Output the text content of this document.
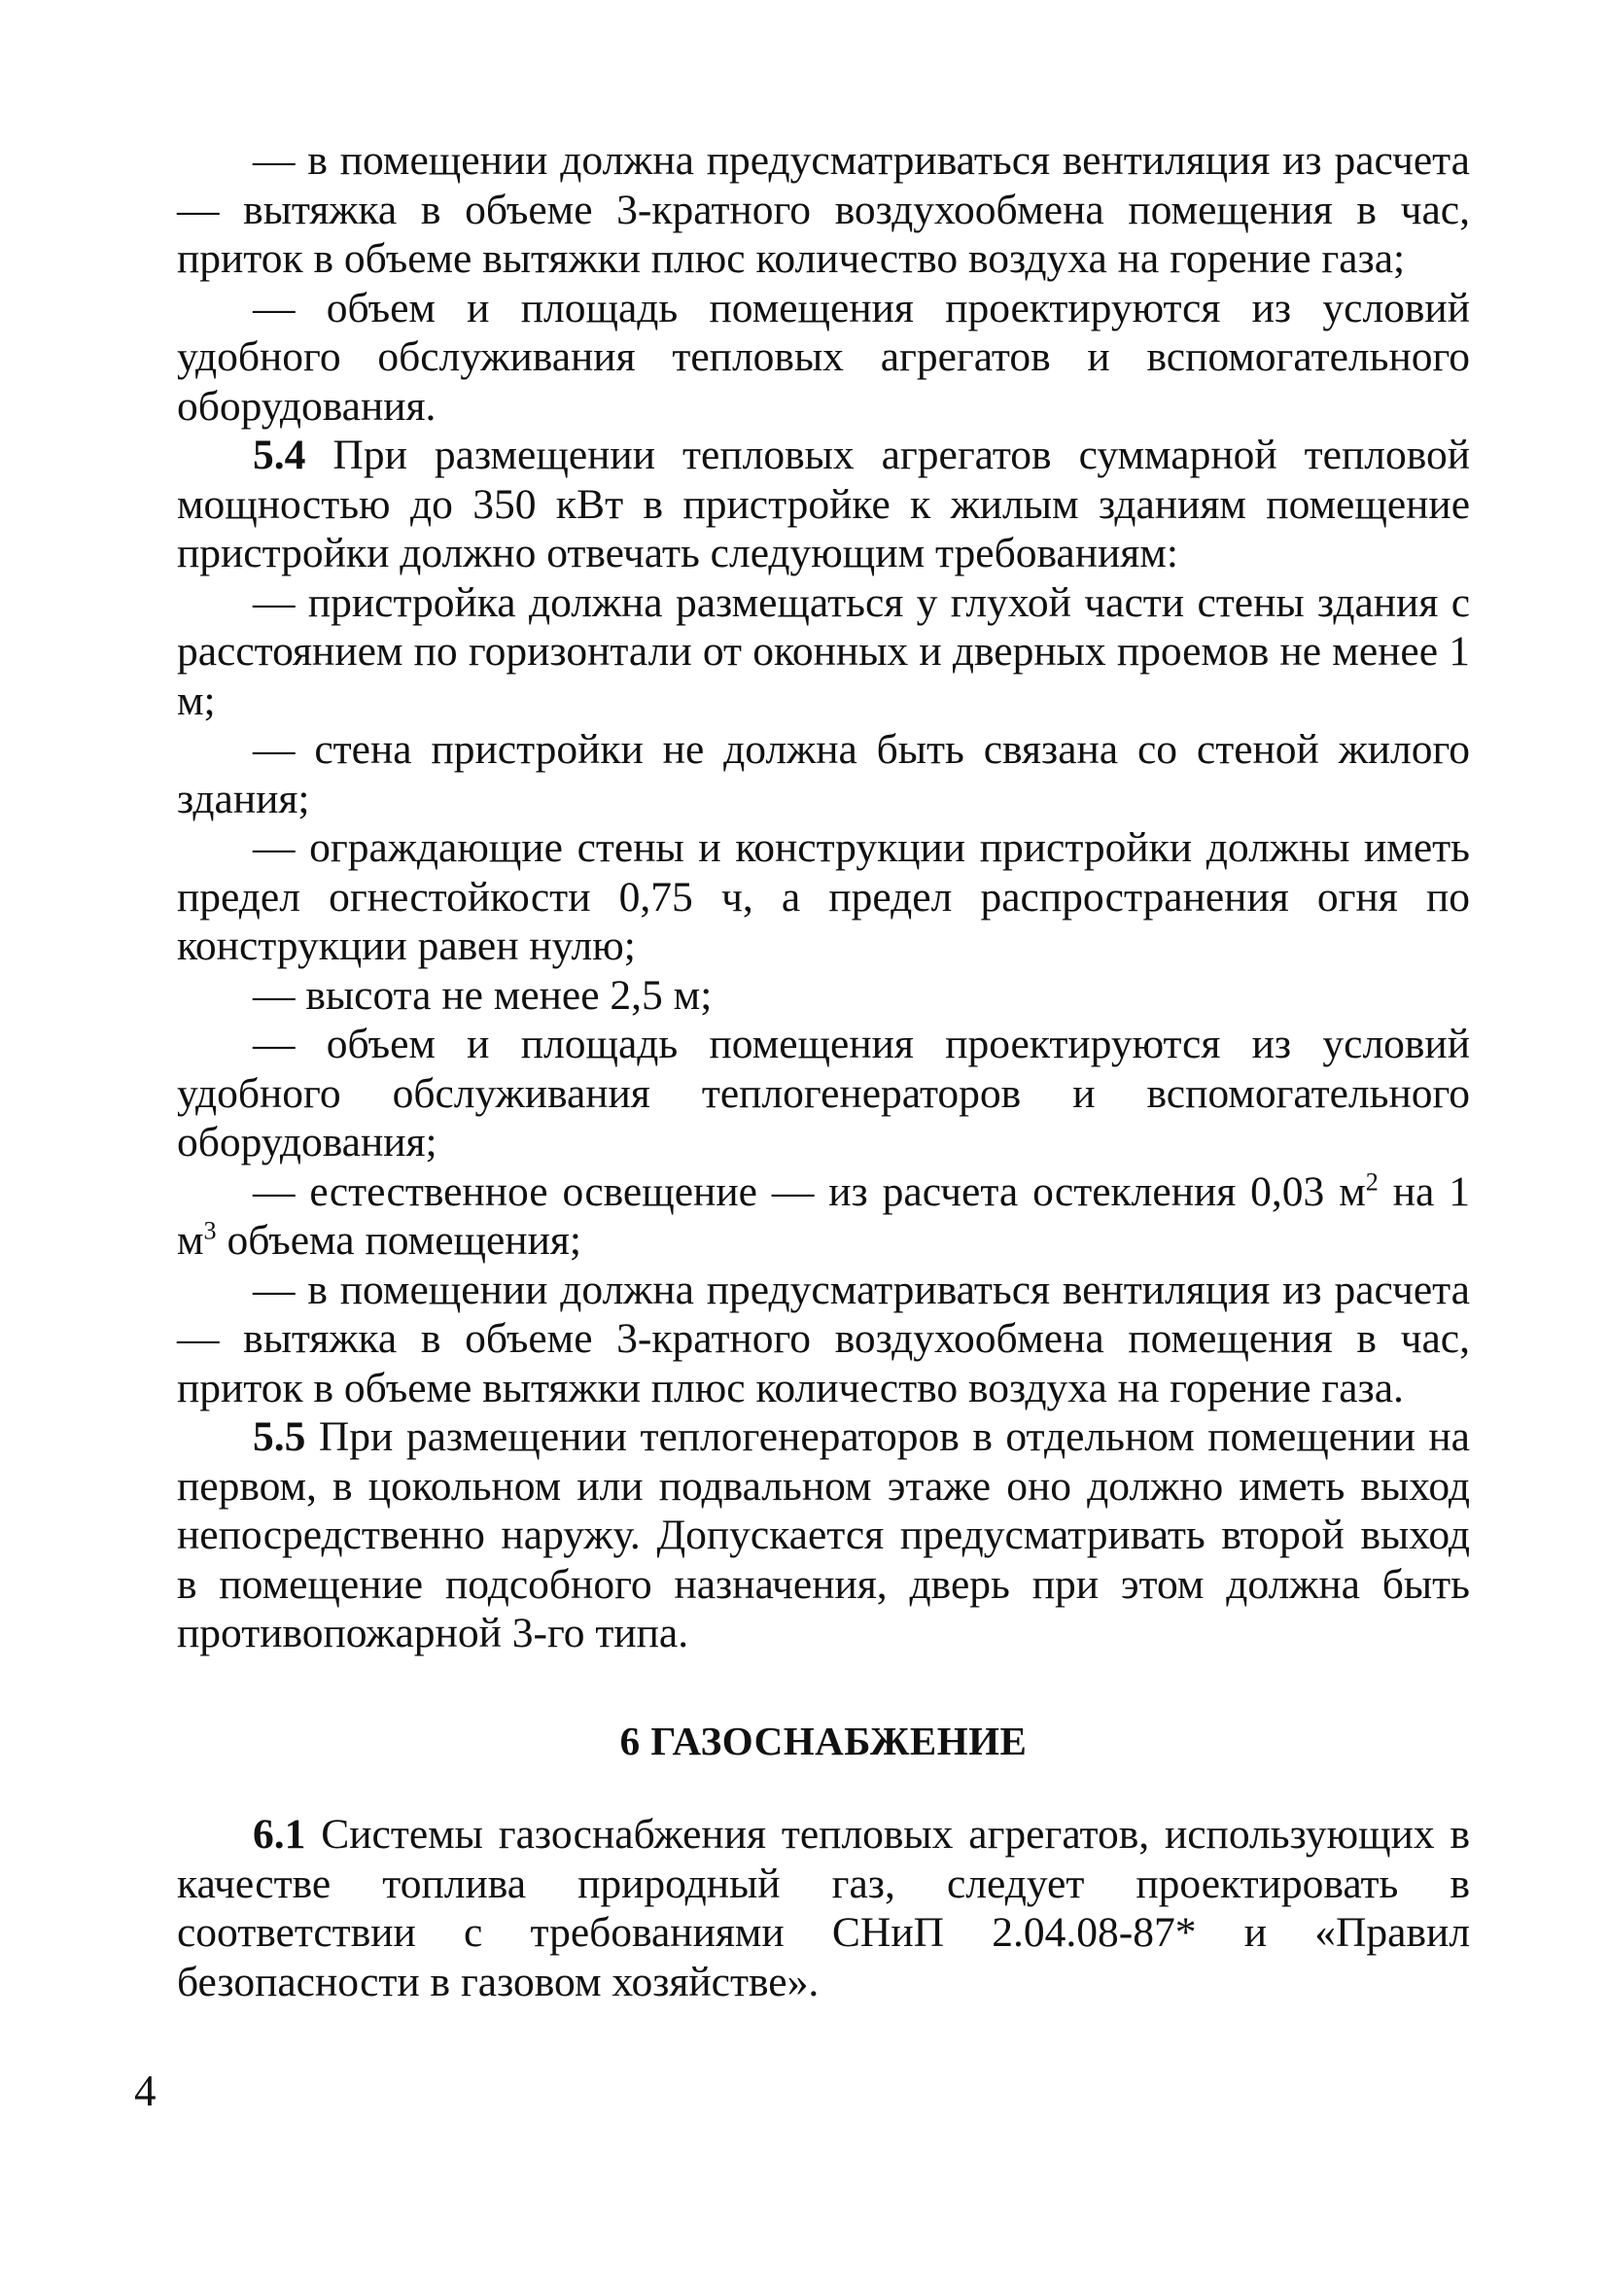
— в помещении должна предусматриваться вентиляция из расчета — вытяжка в объеме 3-кратного воздухообмена помещения в час, приток в объеме вытяжки плюс количество воздуха на горение газа;

— объем и площадь помещения проектируются из условий удобного обслуживания тепловых агрегатов и вспомогательного оборудования.

5.4 При размещении тепловых агрегатов суммарной тепловой мощностью до 350 кВт в пристройке к жилым зданиям помещение пристройки должно отвечать следующим требованиям:

— пристройка должна размещаться у глухой части стены здания с расстоянием по горизонтали от оконных и дверных проемов не менее 1 м;

— стена пристройки не должна быть связана со стеной жилого здания;

— ограждающие стены и конструкции пристройки должны иметь предел огнестойкости 0,75 ч, а предел распространения огня по конструкции равен нулю;

— высота не менее 2,5 м;

— объем и площадь помещения проектируются из условий удобного обслуживания теплогенераторов и вспомогательного оборудования;

— естественное освещение — из расчета остекления 0,03 $м^2$ на 1 $м^3$ объема помещения;

— в помещении должна предусматриваться вентиляция из расчета — вытяжка в объеме 3-кратного воздухообмена помещения в час, приток в объеме вытяжки плюс количество воздуха на горение газа.

5.5 При размещении теплогенераторов в отдельном помещении на первом, в цокольном или подвальном этаже оно должно иметь выход непосредственно наружу. Допускается предусматривать второй выход в помещение подсобного назначения, дверь при этом должна быть противопожарной 3-го типа.

6 ГАЗОСНАБЖЕНИЕ

6.1 Системы газоснабжения тепловых агрегатов, использующих в качестве топлива природный газ, следует проектировать в соответствии с требованиями СНиП 2.04.08-87* и «Правил безопасности в газовом хозяйстве».

4
